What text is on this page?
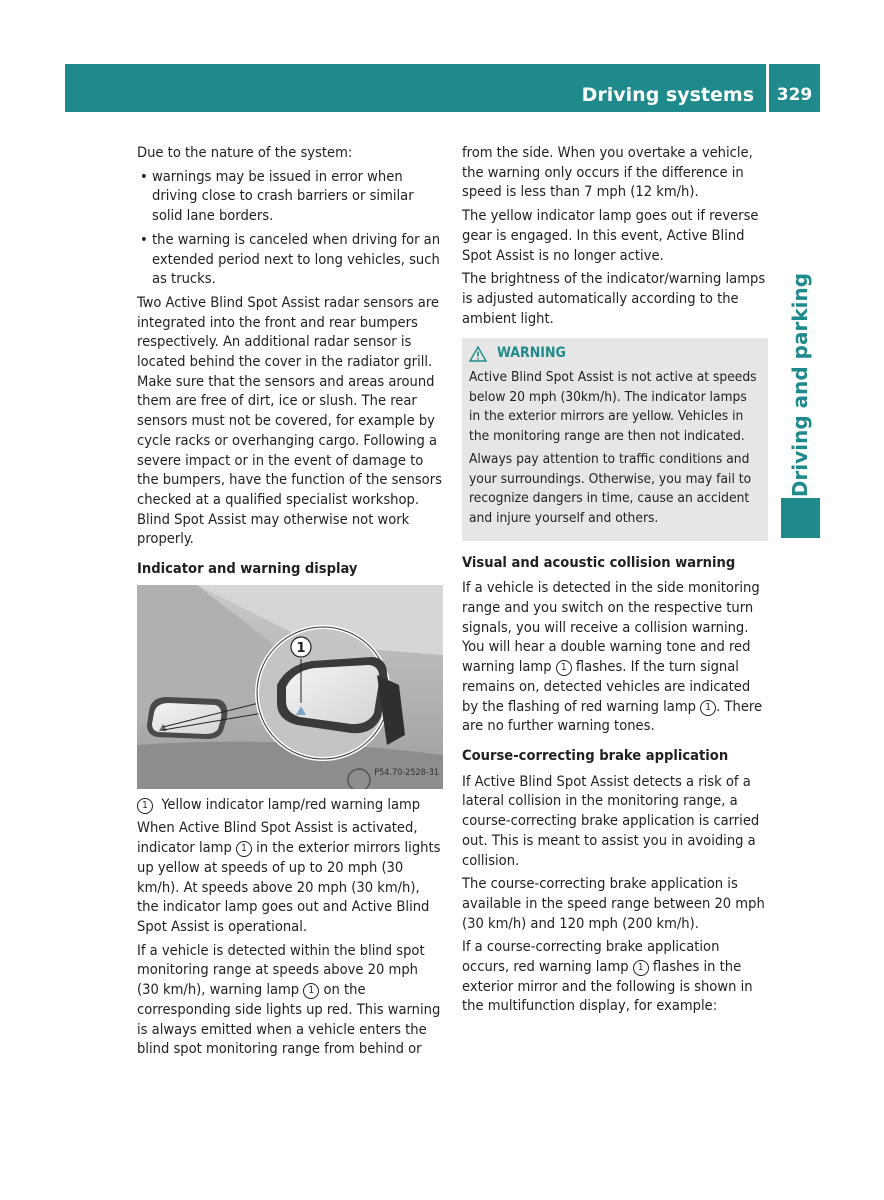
Driving systems	329
Driving and parking

Due to the nature of the system:

• warnings may be issued in error when driving close to crash barriers or similar solid lane borders.
• the warning is canceled when driving for an extended period next to long vehicles, such as trucks.

Two Active Blind Spot Assist radar sensors are integrated into the front and rear bumpers respectively. An additional radar sensor is located behind the cover in the radiator grill. Make sure that the sensors and areas around them are free of dirt, ice or slush. The rear sensors must not be covered, for example by cycle racks or overhanging cargo. Following a severe impact or in the event of damage to the bumpers, have the function of the sensors checked at a qualified specialist workshop. Blind Spot Assist may otherwise not work properly.

Indicator and warning display
1
P54.70-2528-31

1 Yellow indicator lamp/red warning lamp

When Active Blind Spot Assist is activated, indicator lamp 1 in the exterior mirrors lights up yellow at speeds of up to 20 mph (30 km/h). At speeds above 20 mph (30 km/h), the indicator lamp goes out and Active Blind Spot Assist is operational.

If a vehicle is detected within the blind spot monitoring range at speeds above 20 mph (30 km/h), warning lamp 1 on the corresponding side lights up red. This warning is always emitted when a vehicle enters the blind spot monitoring range from behind or

from the side. When you overtake a vehicle, the warning only occurs if the difference in speed is less than 7 mph (12 km/h).

The yellow indicator lamp goes out if reverse gear is engaged. In this event, Active Blind Spot Assist is no longer active.

The brightness of the indicator/warning lamps is adjusted automatically according to the ambient light.

WARNING

Active Blind Spot Assist is not active at speeds below 20 mph (30km/h). The indicator lamps in the exterior mirrors are yellow. Vehicles in the monitoring range are then not indicated.

Always pay attention to traffic conditions and your surroundings. Otherwise, you may fail to recognize dangers in time, cause an accident and injure yourself and others.

Visual and acoustic collision warning

If a vehicle is detected in the side monitoring range and you switch on the respective turn signals, you will receive a collision warning. You will hear a double warning tone and red warning lamp 1 flashes. If the turn signal remains on, detected vehicles are indicated by the flashing of red warning lamp 1 . There are no further warning tones.

Course-correcting brake application

If Active Blind Spot Assist detects a risk of a lateral collision in the monitoring range, a course-correcting brake application is carried out. This is meant to assist you in avoiding a collision.

The course-correcting brake application is available in the speed range between 20 mph (30 km/h) and 120 mph (200 km/h).

If a course-correcting brake application occurs, red warning lamp 1 flashes in the exterior mirror and the following is shown in the multifunction display, for example:
